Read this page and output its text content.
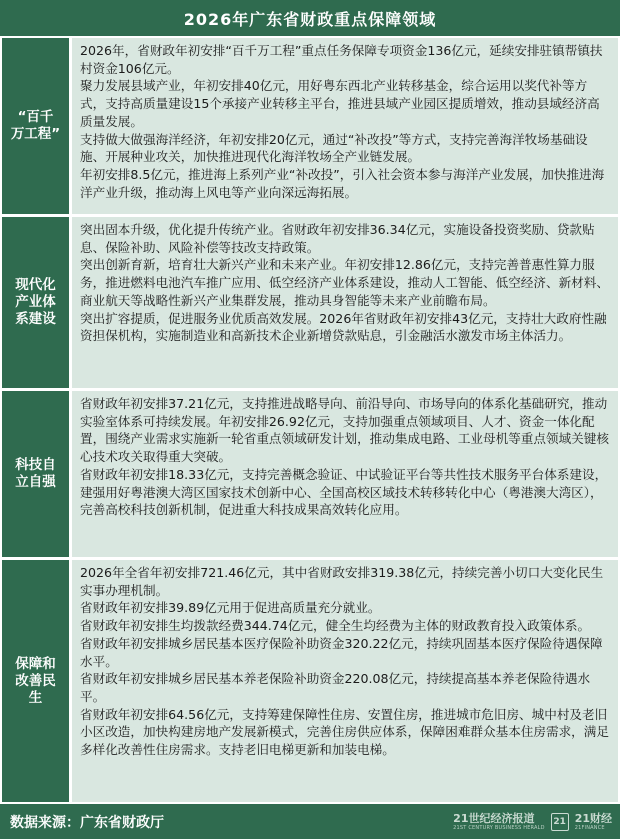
2026年广东省财政重点保障领域
“百千
万工程”
2026年，省财政年初安排“百千万工程”重点任务保障专项资金136亿元，延续安排驻镇帮镇扶村资金106亿元。
聚力发展县域产业，年初安排40亿元，用好粤东西北产业转移基金，综合运用以奖代补等方式，支持高质量建设15个承接产业转移主平台，推进县域产业园区提质增效，推动县域经济高质量发展。
支持做大做强海洋经济，年初安排20亿元，通过“补改投”等方式，支持完善海洋牧场基础设施、开展种业攻关，加快推进现代化海洋牧场全产业链发展。
年初安排8.5亿元，推进海上系列产业“补改投”，引入社会资本参与海洋产业发展，加快推进海洋产业升级，推动海上风电等产业向深远海拓展。
现代化
产业体
系建设
突出固本升级，优化提升传统产业。省财政年初安排36.34亿元，实施设备投资奖励、贷款贴息、保险补助、风险补偿等技改支持政策。
突出创新育新，培育壮大新兴产业和未来产业。年初安排12.86亿元，支持完善普惠性算力服务，推进燃料电池汽车推广应用、低空经济产业体系建设，推动人工智能、低空经济、新材料、商业航天等战略性新兴产业集群发展，推动具身智能等未来产业前瞻布局。
突出扩容提质，促进服务业优质高效发展。2026年省财政年初安排43亿元，支持壮大政府性融资担保机构，实施制造业和高新技术企业新增贷款贴息，引金融活水激发市场主体活力。
科技自
立自强
省财政年初安排37.21亿元，支持推进战略导向、前沿导向、市场导向的体系化基础研究，推动实验室体系可持续发展。年初安排26.92亿元，支持加强重点领域项目、人才、资金一体化配置，围绕产业需求实施新一轮省重点领域研发计划，推动集成电路、工业母机等重点领域关键核心技术攻关取得重大突破。
省财政年初安排18.33亿元，支持完善概念验证、中试验证平台等共性技术服务平台体系建设，建强用好粤港澳大湾区国家技术创新中心、全国高校区域技术转移转化中心（粤港澳大湾区），完善高校科技创新机制，促进重大科技成果高效转化应用。
保障和
改善民
生
2026年全省年初安排721.46亿元，其中省财政安排319.38亿元，持续完善小切口大变化民生实事办理机制。
省财政年初安排39.89亿元用于促进高质量充分就业。
省财政年初安排生均拨款经费344.74亿元，健全生均经费为主体的财政教育投入政策体系。
省财政年初安排城乡居民基本医疗保险补助资金320.22亿元，持续巩固基本医疗保险待遇保障水平。
省财政年初安排城乡居民基本养老保险补助资金220.08亿元，持续提高基本养老保险待遇水平。
省财政年初安排64.56亿元，支持筹建保障性住房、安置住房，推进城市危旧房、城中村及老旧小区改造，加快构建房地产发展新模式，完善住房供应体系，保障困难群众基本住房需求，满足多样化改善性住房需求。支持老旧电梯更新和加装电梯。
数据来源：广东省财政厅	21世纪经济报道
21ST CENTURY BUSINESS HERALD
21 21财经
21FINANCE
